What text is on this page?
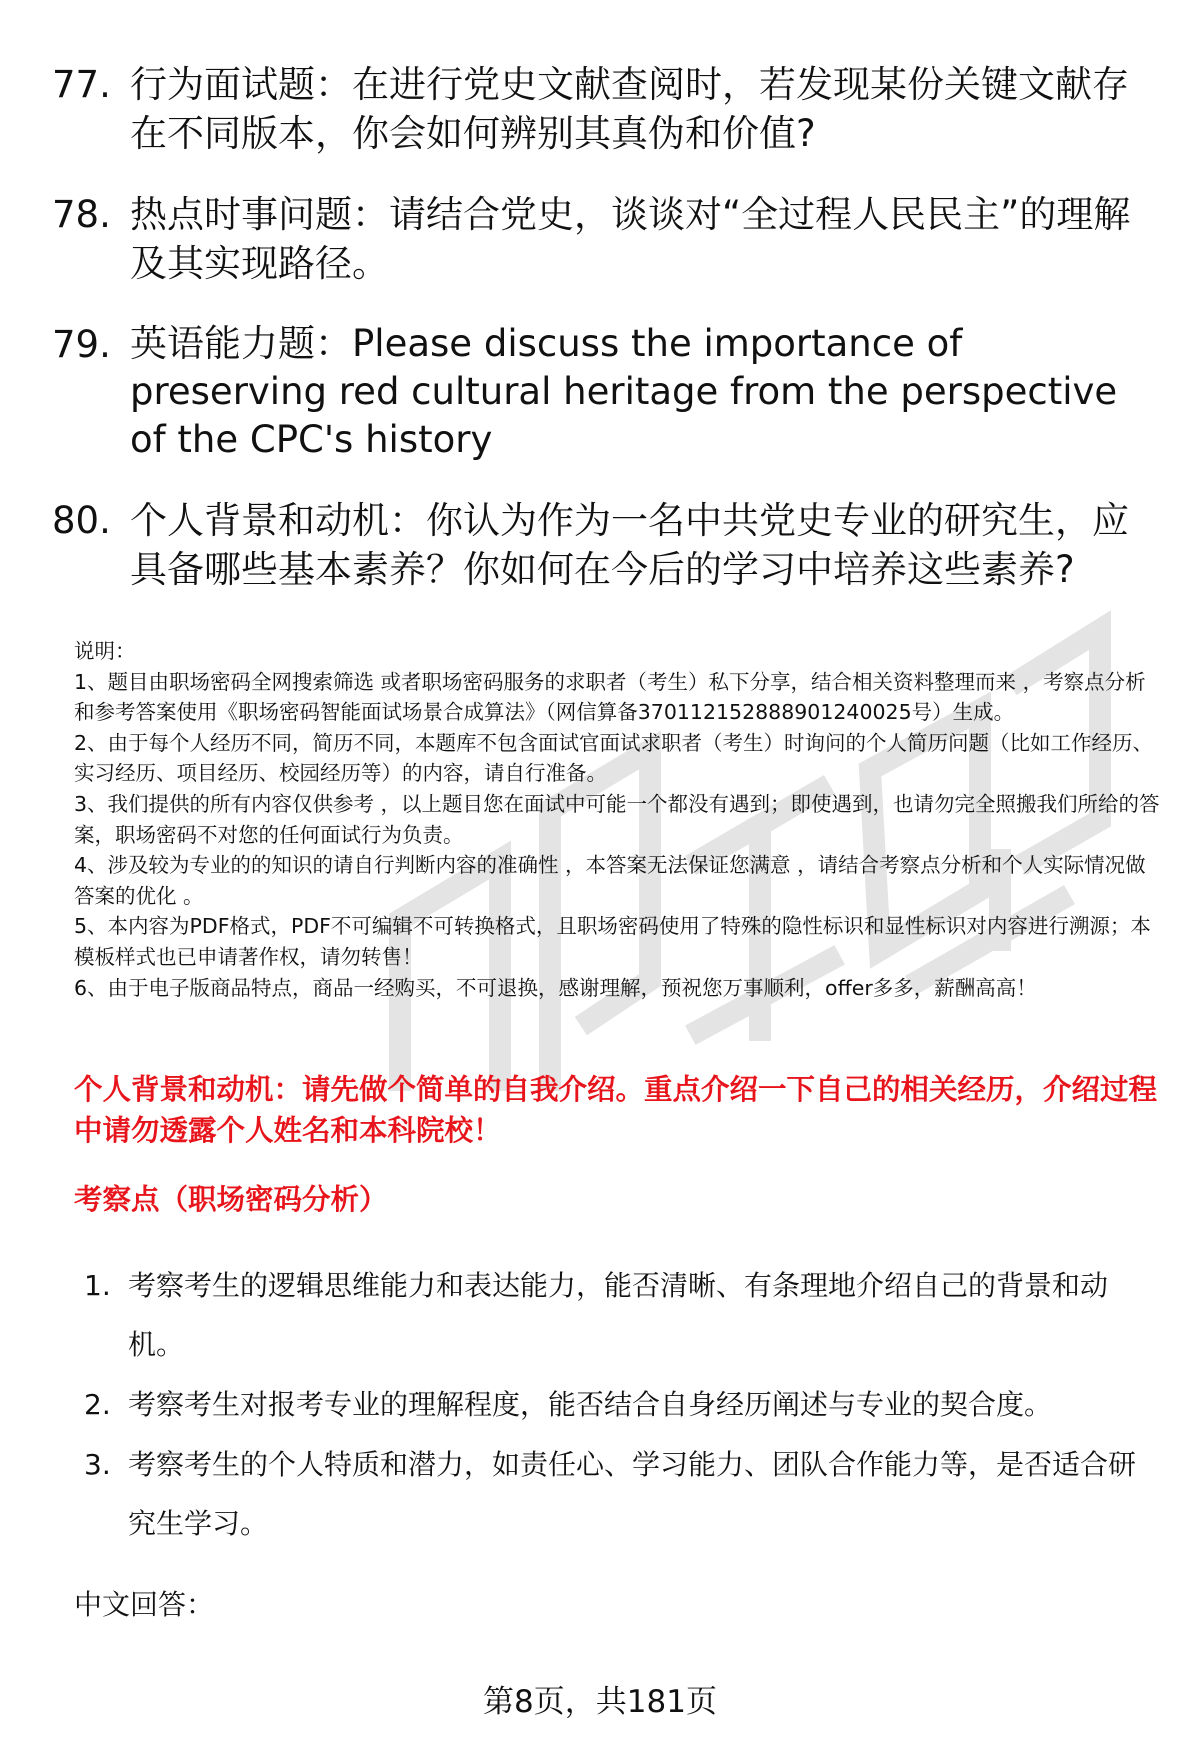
77. 行为面试题：在进行党史文献查阅时，若发现某份关键文献存在不同版本，你会如何辨别其真伪和价值?
78. 热点时事问题：请结合党史，谈谈对“全过程人民民主”的理解及其实现路径。
79. 英语能力题：Please discuss the importance of preserving red cultural heritage from the perspective of the CPC's history
80. 个人背景和动机：你认为作为一名中共党史专业的研究生，应具备哪些基本素养？你如何在今后的学习中培养这些素养?

说明：

1、题目由职场密码全网搜索筛选 或者职场密码服务的求职者（考生）私下分享，结合相关资料整理而来 ，考察点分析和参考答案使用《职场密码智能面试场景合成算法》（网信算备370112152888901240025号）生成。

2、由于每个人经历不同，简历不同，本题库不包含面试官面试求职者（考生）时询问的个人简历问题（比如工作经历、实习经历、项目经历、校园经历等）的内容，请自行准备。

3、我们提供的所有内容仅供参考 ，以上题目您在面试中可能一个都没有遇到；即使遇到，也请勿完全照搬我们所给的答案，职场密码不对您的任何面试行为负责。

4、涉及较为专业的的知识的请自行判断内容的准确性 ，本答案无法保证您满意 ，请结合考察点分析和个人实际情况做答案的优化 。

5、本内容为PDF格式，PDF不可编辑不可转换格式，且职场密码使用了特殊的隐性标识和显性标识对内容进行溯源；本模板样式也已申请著作权，请勿转售！

6、由于电子版商品特点，商品一经购买，不可退换，感谢理解，预祝您万事顺利，offer多多，薪酬高高！

个人背景和动机：请先做个简单的自我介绍。重点介绍一下自己的相关经历，介绍过程中请勿透露个人姓名和本科院校！

考察点（职场密码分析）

1. 考察考生的逻辑思维能力和表达能力，能否清晰、有条理地介绍自己的背景和动机。
2. 考察考生对报考专业的理解程度，能否结合自身经历阐述与专业的契合度。
3. 考察考生的个人特质和潜力，如责任心、学习能力、团队合作能力等，是否适合研究生学习。

中文回答：

第8页，共181页
